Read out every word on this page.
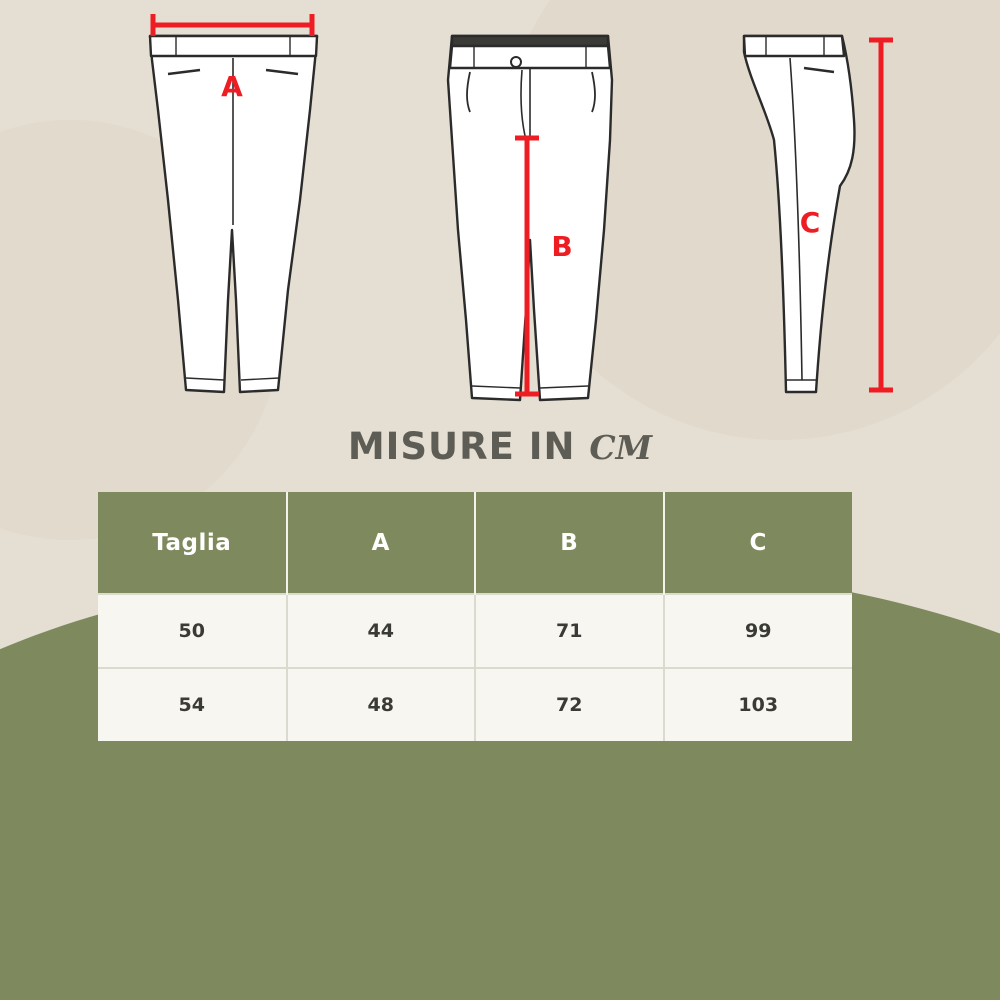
A
B
C
MISURE IN CM
Taglia	A	B	C
50	44	71	99
54	48	72	103
